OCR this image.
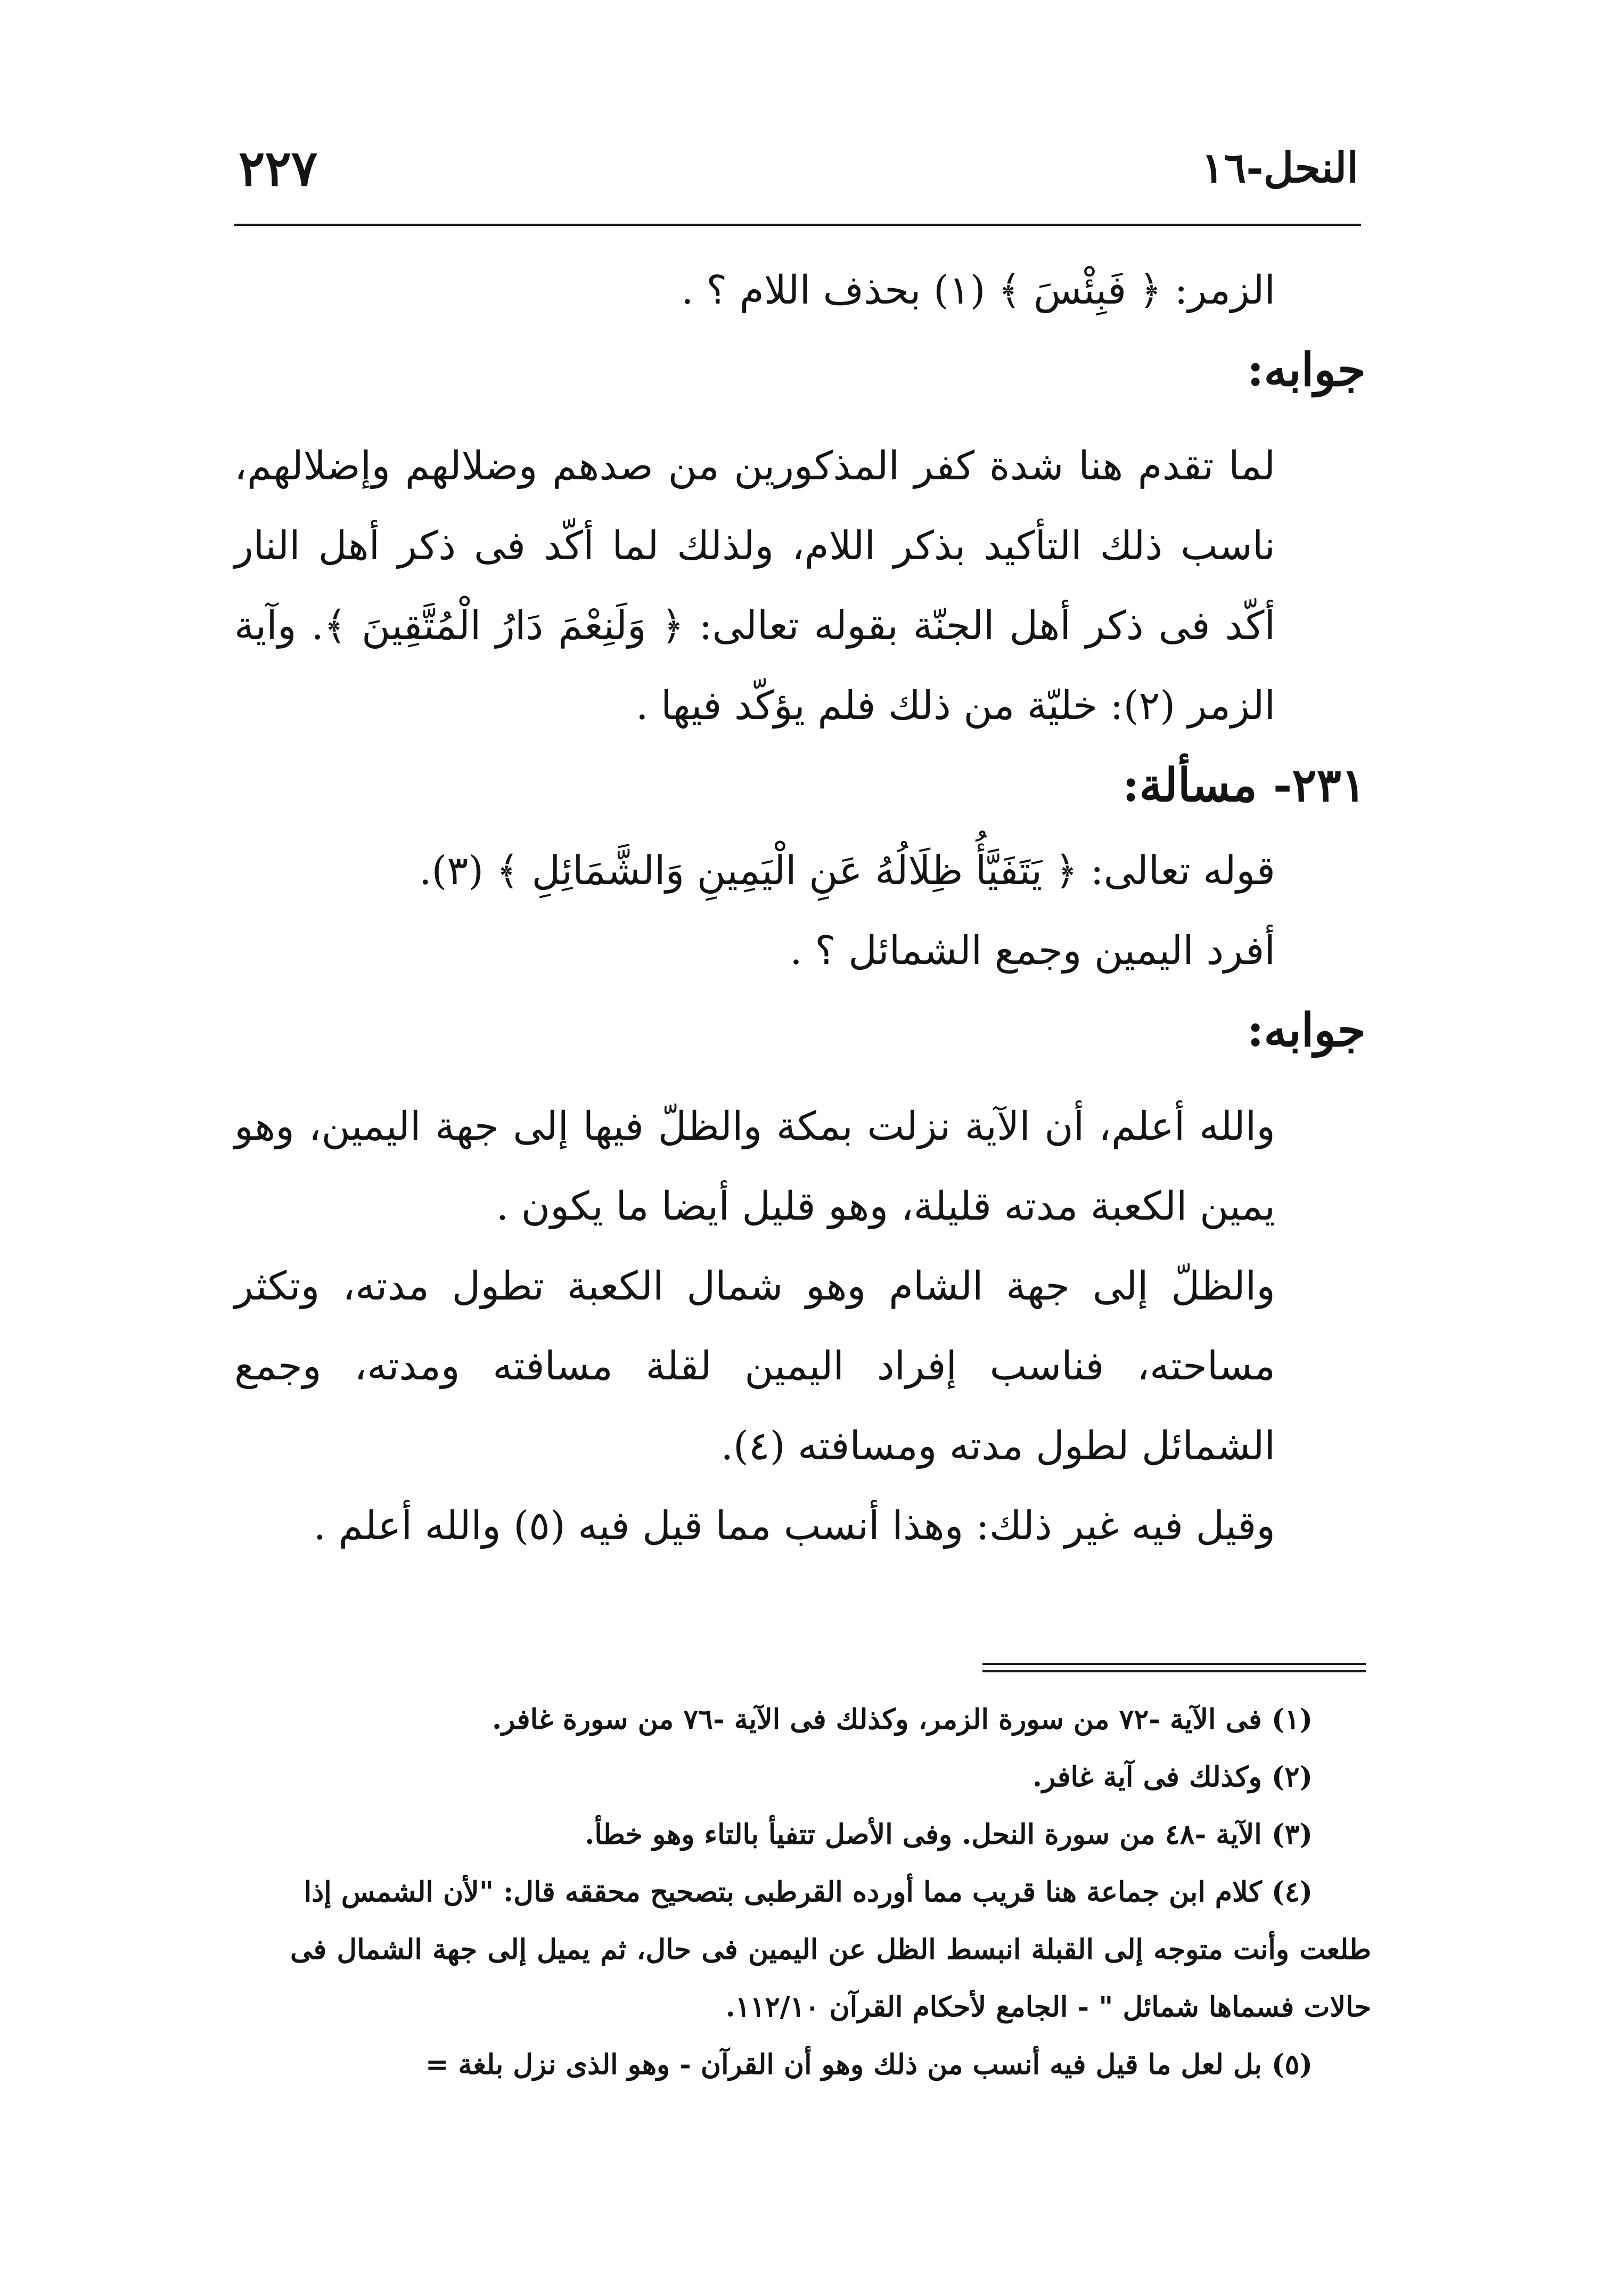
النحل-١٦
٢٢٧

الزمر: ﴿ فَبِئْسَ ﴾ (١) بحذف اللام ؟ .

جوابه:

لما تقدم هنا شدة كفر المذكورين من صدهم وضلالهم وإضلالهم، ناسب ذلك التأكيد بذكر اللام، ولذلك لما أكّد فى ذكر أهل النار أكّد فى ذكر أهل الجنّة بقوله تعالى: ﴿ وَلَنِعْمَ دَارُ الْمُتَّقِينَ ﴾. وآية الزمر (٢): خليّة من ذلك فلم يؤكّد فيها .

٢٣١- مسألة:

قوله تعالى: ﴿ يَتَفَيَّأُ ظِلَالُهُ عَنِ الْيَمِينِ وَالشَّمَائِلِ ﴾ (٣).

أفرد اليمين وجمع الشمائل ؟ .

جوابه:

والله أعلم، أن الآية نزلت بمكة والظلّ فيها إلى جهة اليمين، وهو يمين الكعبة مدته قليلة، وهو قليل أيضا ما يكون .

والظلّ إلى جهة الشام وهو شمال الكعبة تطول مدته، وتكثر مساحته، فناسب إفراد اليمين لقلة مسافته ومدته، وجمع الشمائل لطول مدته ومسافته (٤).

وقيل فيه غير ذلك: وهذا أنسب مما قيل فيه (٥) والله أعلم .

(١) فى الآية -٧٢ من سورة الزمر، وكذلك فى الآية -٧٦ من سورة غافر.

(٢) وكذلك فى آية غافر.

(٣) الآية -٤٨ من سورة النحل. وفى الأصل تتفيأ بالتاء وهو خطأ.

(٤) كلام ابن جماعة هنا قريب مما أورده القرطبى بتصحيح محققه قال: "لأن الشمس إذا

طلعت وأنت متوجه إلى القبلة انبسط الظل عن اليمين فى حال، ثم يميل إلى جهة الشمال فى حالات فسماها شمائل " - الجامع لأحكام القرآن ١١٢/١٠.

(٥) بل لعل ما قيل فيه أنسب من ذلك وهو أن القرآن - وهو الذى نزل بلغة =
